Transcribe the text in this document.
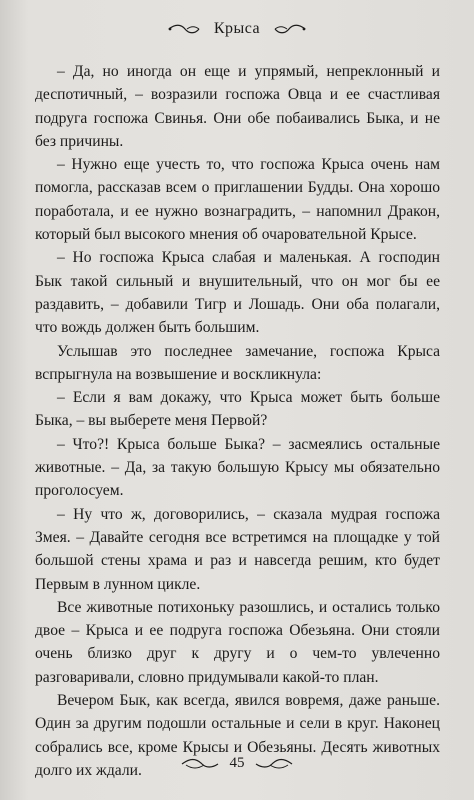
Крыса

– Да, но иногда он еще и упрямый, непреклонный и деспотичный, – возразили госпожа Овца и ее счастливая подруга госпожа Свинья. Они обе побаивались Быка, и не без причины.

– Нужно еще учесть то, что госпожа Крыса очень нам помогла, рассказав всем о приглашении Будды. Она хорошо поработала, и ее нужно вознаградить, – напомнил Дракон, который был высокого мнения об очаровательной Крысе.

– Но госпожа Крыса слабая и маленькая. А господин Бык такой сильный и внушительный, что он мог бы ее раздавить, – добавили Тигр и Лошадь. Они оба полагали, что вождь должен быть большим.

Услышав это последнее замечание, госпожа Крыса вспрыгнула на возвышение и воскликнула:

– Если я вам докажу, что Крыса может быть больше Быка, – вы выберете меня Первой?

– Что?! Крыса больше Быка? – засмеялись остальные животные. – Да, за такую большую Крысу мы обязательно проголосуем.

– Ну что ж, договорились, – сказала мудрая госпожа Змея. – Давайте сегодня все встретимся на площадке у той большой стены храма и раз и навсегда решим, кто будет Первым в лунном цикле.

Все животные потихоньку разошлись, и остались только двое – Крыса и ее подруга госпожа Обезьяна. Они стояли очень близко друг к другу и о чем-то увлеченно разговаривали, словно придумывали какой-то план.

Вечером Бык, как всегда, явился вовремя, даже раньше. Один за другим подошли остальные и сели в круг. Наконец собрались все, кроме Крысы и Обезьяны. Десять животных долго их ждали.	45
